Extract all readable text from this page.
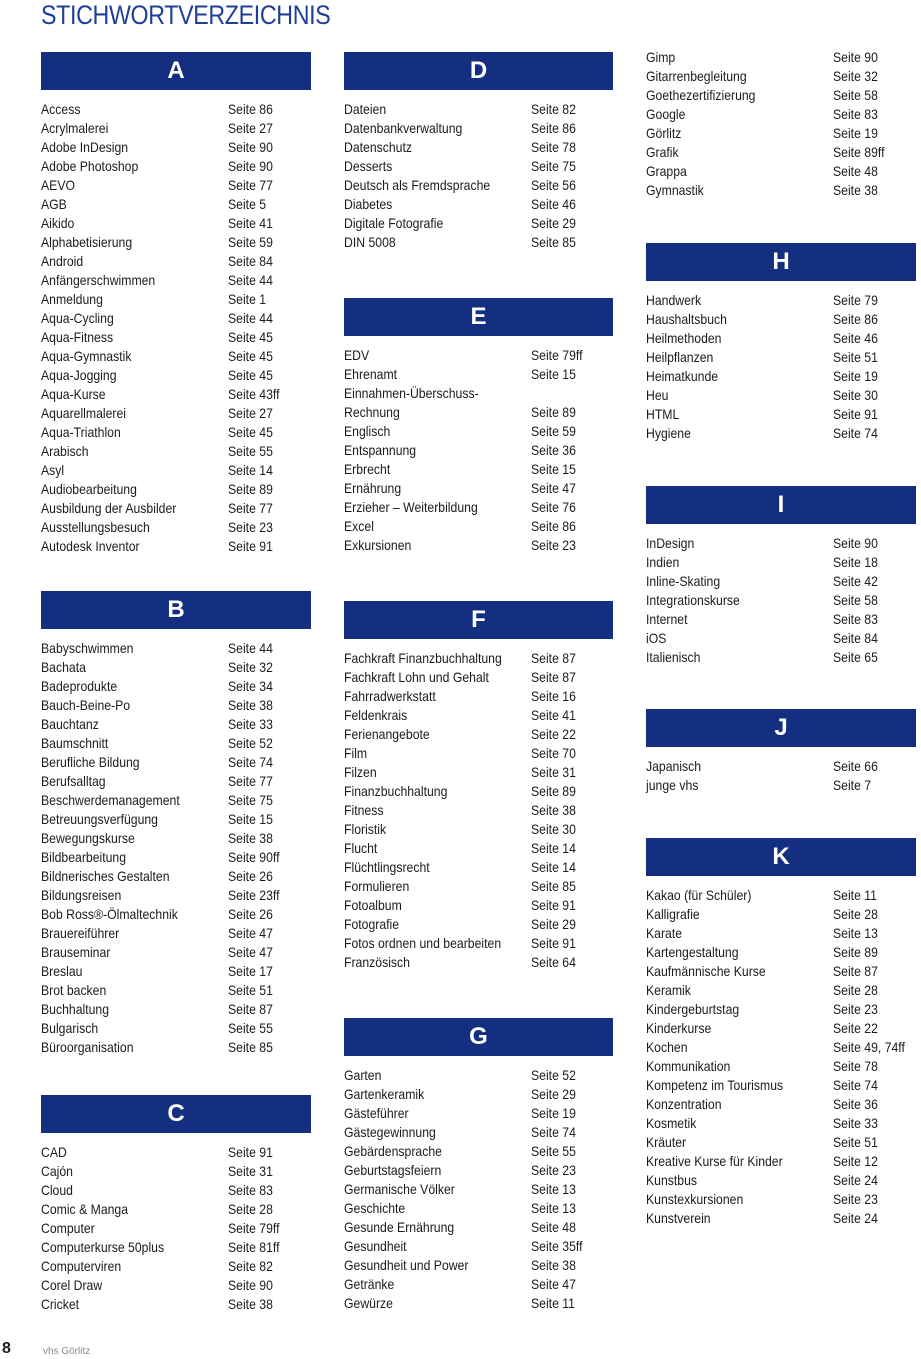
STICHWORTVERZEICHNIS
A
Access	Seite 86
Acrylmalerei	Seite 27
Adobe InDesign	Seite 90
Adobe Photoshop	Seite 90
AEVO	Seite 77
AGB	Seite 5
Aikido	Seite 41
Alphabetisierung	Seite 59
Android	Seite 84
Anfängerschwimmen	Seite 44
Anmeldung	Seite 1
Aqua-Cycling	Seite 44
Aqua-Fitness	Seite 45
Aqua-Gymnastik	Seite 45
Aqua-Jogging	Seite 45
Aqua-Kurse	Seite 43ff
Aquarellmalerei	Seite 27
Aqua-Triathlon	Seite 45
Arabisch	Seite 55
Asyl	Seite 14
Audiobearbeitung	Seite 89
Ausbildung der Ausbilder	Seite 77
Ausstellungsbesuch	Seite 23
Autodesk Inventor	Seite 91
B
Babyschwimmen	Seite 44
Bachata	Seite 32
Badeprodukte	Seite 34
Bauch-Beine-Po	Seite 38
Bauchtanz	Seite 33
Baumschnitt	Seite 52
Berufliche Bildung	Seite 74
Berufsalltag	Seite 77
Beschwerdemanagement	Seite 75
Betreuungsverfügung	Seite 15
Bewegungskurse	Seite 38
Bildbearbeitung	Seite 90ff
Bildnerisches Gestalten	Seite 26
Bildungsreisen	Seite 23ff
Bob Ross®-Ölmaltechnik	Seite 26
Brauereiführer	Seite 47
Brauseminar	Seite 47
Breslau	Seite 17
Brot backen	Seite 51
Buchhaltung	Seite 87
Bulgarisch	Seite 55
Büroorganisation	Seite 85
C
CAD	Seite 91
Cajón	Seite 31
Cloud	Seite 83
Comic & Manga	Seite 28
Computer	Seite 79ff
Computerkurse 50plus	Seite 81ff
Computerviren	Seite 82
Corel Draw	Seite 90
Cricket	Seite 38
D
Dateien	Seite 82
Datenbankverwaltung	Seite 86
Datenschutz	Seite 78
Desserts	Seite 75
Deutsch als Fremdsprache	Seite 56
Diabetes	Seite 46
Digitale Fotografie	Seite 29
DIN 5008	Seite 85
E
EDV	Seite 79ff
Ehrenamt	Seite 15
Einnahmen-Überschuss-
Rechnung	Seite 89
Englisch	Seite 59
Entspannung	Seite 36
Erbrecht	Seite 15
Ernährung	Seite 47
Erzieher – Weiterbildung	Seite 76
Excel	Seite 86
Exkursionen	Seite 23
F
Fachkraft Finanzbuchhaltung Seite 87
Fachkraft Lohn und Gehalt	Seite 87
Fahrradwerkstatt	Seite 16
Feldenkrais	Seite 41
Ferienangebote	Seite 22
Film	Seite 70
Filzen	Seite 31
Finanzbuchhaltung	Seite 89
Fitness	Seite 38
Floristik	Seite 30
Flucht	Seite 14
Flüchtlingsrecht	Seite 14
Formulieren	Seite 85
Fotoalbum	Seite 91
Fotografie	Seite 29
Fotos ordnen und bearbeiten Seite 91
Französisch	Seite 64
G
Garten	Seite 52
Gartenkeramik	Seite 29
Gästeführer	Seite 19
Gästegewinnung	Seite 74
Gebärdensprache	Seite 55
Geburtstagsfeiern	Seite 23
Germanische Völker	Seite 13
Geschichte	Seite 13
Gesunde Ernährung	Seite 48
Gesundheit	Seite 35ff
Gesundheit und Power	Seite 38
Getränke	Seite 47
Gewürze	Seite 11
Gimp	Seite 90
Gitarrenbegleitung	Seite 32
Goethezertifizierung	Seite 58
Google	Seite 83
Görlitz	Seite 19
Grafik	Seite 89ff
Grappa	Seite 48
Gymnastik	Seite 38
H
Handwerk	Seite 79
Haushaltsbuch	Seite 86
Heilmethoden	Seite 46
Heilpflanzen	Seite 51
Heimatkunde	Seite 19
Heu	Seite 30
HTML	Seite 91
Hygiene	Seite 74
I
InDesign	Seite 90
Indien	Seite 18
Inline-Skating	Seite 42
Integrationskurse	Seite 58
Internet	Seite 83
iOS	Seite 84
Italienisch	Seite 65
J
Japanisch	Seite 66
junge vhs	Seite 7
K
Kakao (für Schüler)	Seite 11
Kalligrafie	Seite 28
Karate	Seite 13
Kartengestaltung	Seite 89
Kaufmännische Kurse	Seite 87
Keramik	Seite 28
Kindergeburtstag	Seite 23
Kinderkurse	Seite 22
Kochen	Seite 49, 74ff
Kommunikation	Seite 78
Kompetenz im Tourismus	Seite 74
Konzentration	Seite 36
Kosmetik	Seite 33
Kräuter	Seite 51
Kreative Kurse für Kinder	Seite 12
Kunstbus	Seite 24
Kunstexkursionen	Seite 23
Kunstverein	Seite 24
8	vhs Görlitz
